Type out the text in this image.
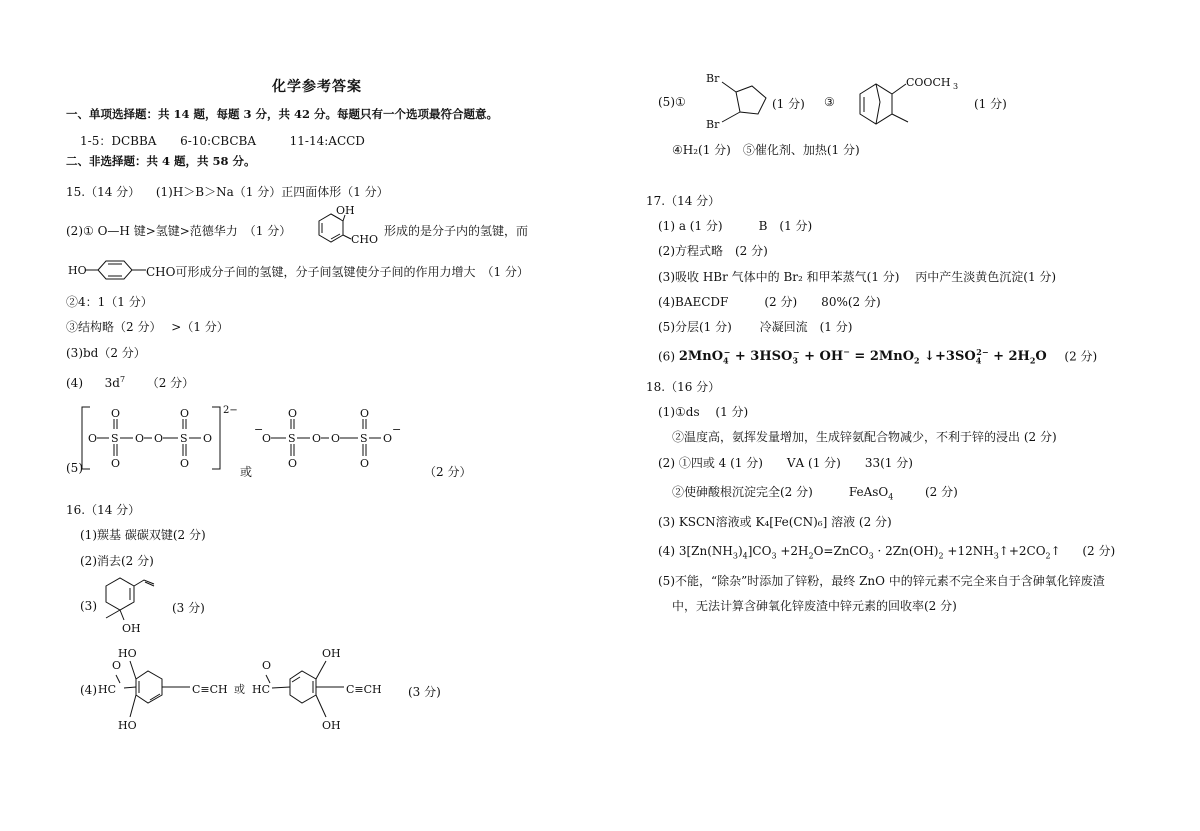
化学参考答案
一、单项选择题：共 14 题，每题 3 分，共 42 分。每题只有一个选项最符合题意。
1-5：DCBBA 6-10:CBCBA	11-14:ACCD
二、非选择题：共 4 题，共 58 分。
15.（14 分） (1)H＞B＞Na（1 分）正四面体形（1 分）
(2)① O—H 键>氢键>范德华力　（1 分）
OH
CHO
形成的是分子内的氢键，而
HO	CHO可形成分子间的氢键，分子间氢键使分子间的作用力增大　（1 分）
②4：1（1 分）
③结构略（2 分）　 >（1 分）
(3)bd（2 分）
(4) $3d^7$ （2 分）
(5)
2−
O S O O S O
O
O
O
O
−
O S O O S O
−
O
O
O
O
或	（2 分）
16.（14 分）
(1)羰基 碳碳双键(2 分)
(2)消去(2 分)
(3)
OH
(3 分)
(4)
HO
HO
HC
O
C≡CH 或 HC
O
OH
OH
C≡CH (3 分)
(5)①
Br
Br
(1 分) ③
COOCH 3
(1 分)
④H₂(1 分)　⑤催化剂、加热(1 分)
17.（14 分）
(1) a (1 分)　　　B　(1 分)
(2)方程式略　(2 分)
(3)吸收 HBr 气体中的 Br₂ 和甲苯蒸气(1 分)　 丙中产生淡黄色沉淀(1 分)
(4)BAECDF　　　(2 分)　　80%(2 分)
(5)分层(1 分)　　 冷凝回流　(1 分)
(6) $2MnO_4^- + 3HSO_3^- + OH^- = 2MnO_2$ $↓+3SO_4^{2-} + 2H_2O$ (2 分)
18.（16 分）
(1)①ds　 (1 分)
②温度高，氨挥发量增加，生成锌氨配合物减少，不利于锌的浸出 (2 分)
(2) ①四或 4 (1 分)　　ⅤA (1 分)　　33(1 分)
②使砷酸根沉淀完全(2 分)　　　FeAsO$_4$	(2 分)
(3) KSCN溶液或 K₄[Fe(CN)₆] 溶液 (2 分)
(4) $3[Zn(NH_3)_4]CO_3$ $+2H_2O=ZnCO_3 \cdot 2Zn(OH)_2$ $+12NH_3↑+2CO_2↑$ (2 分)
(5)不能，“除杂”时添加了锌粉，最终 ZnO 中的锌元素不完全来自于含砷氧化锌废渣
中，无法计算含砷氧化锌废渣中锌元素的回收率(2 分)
